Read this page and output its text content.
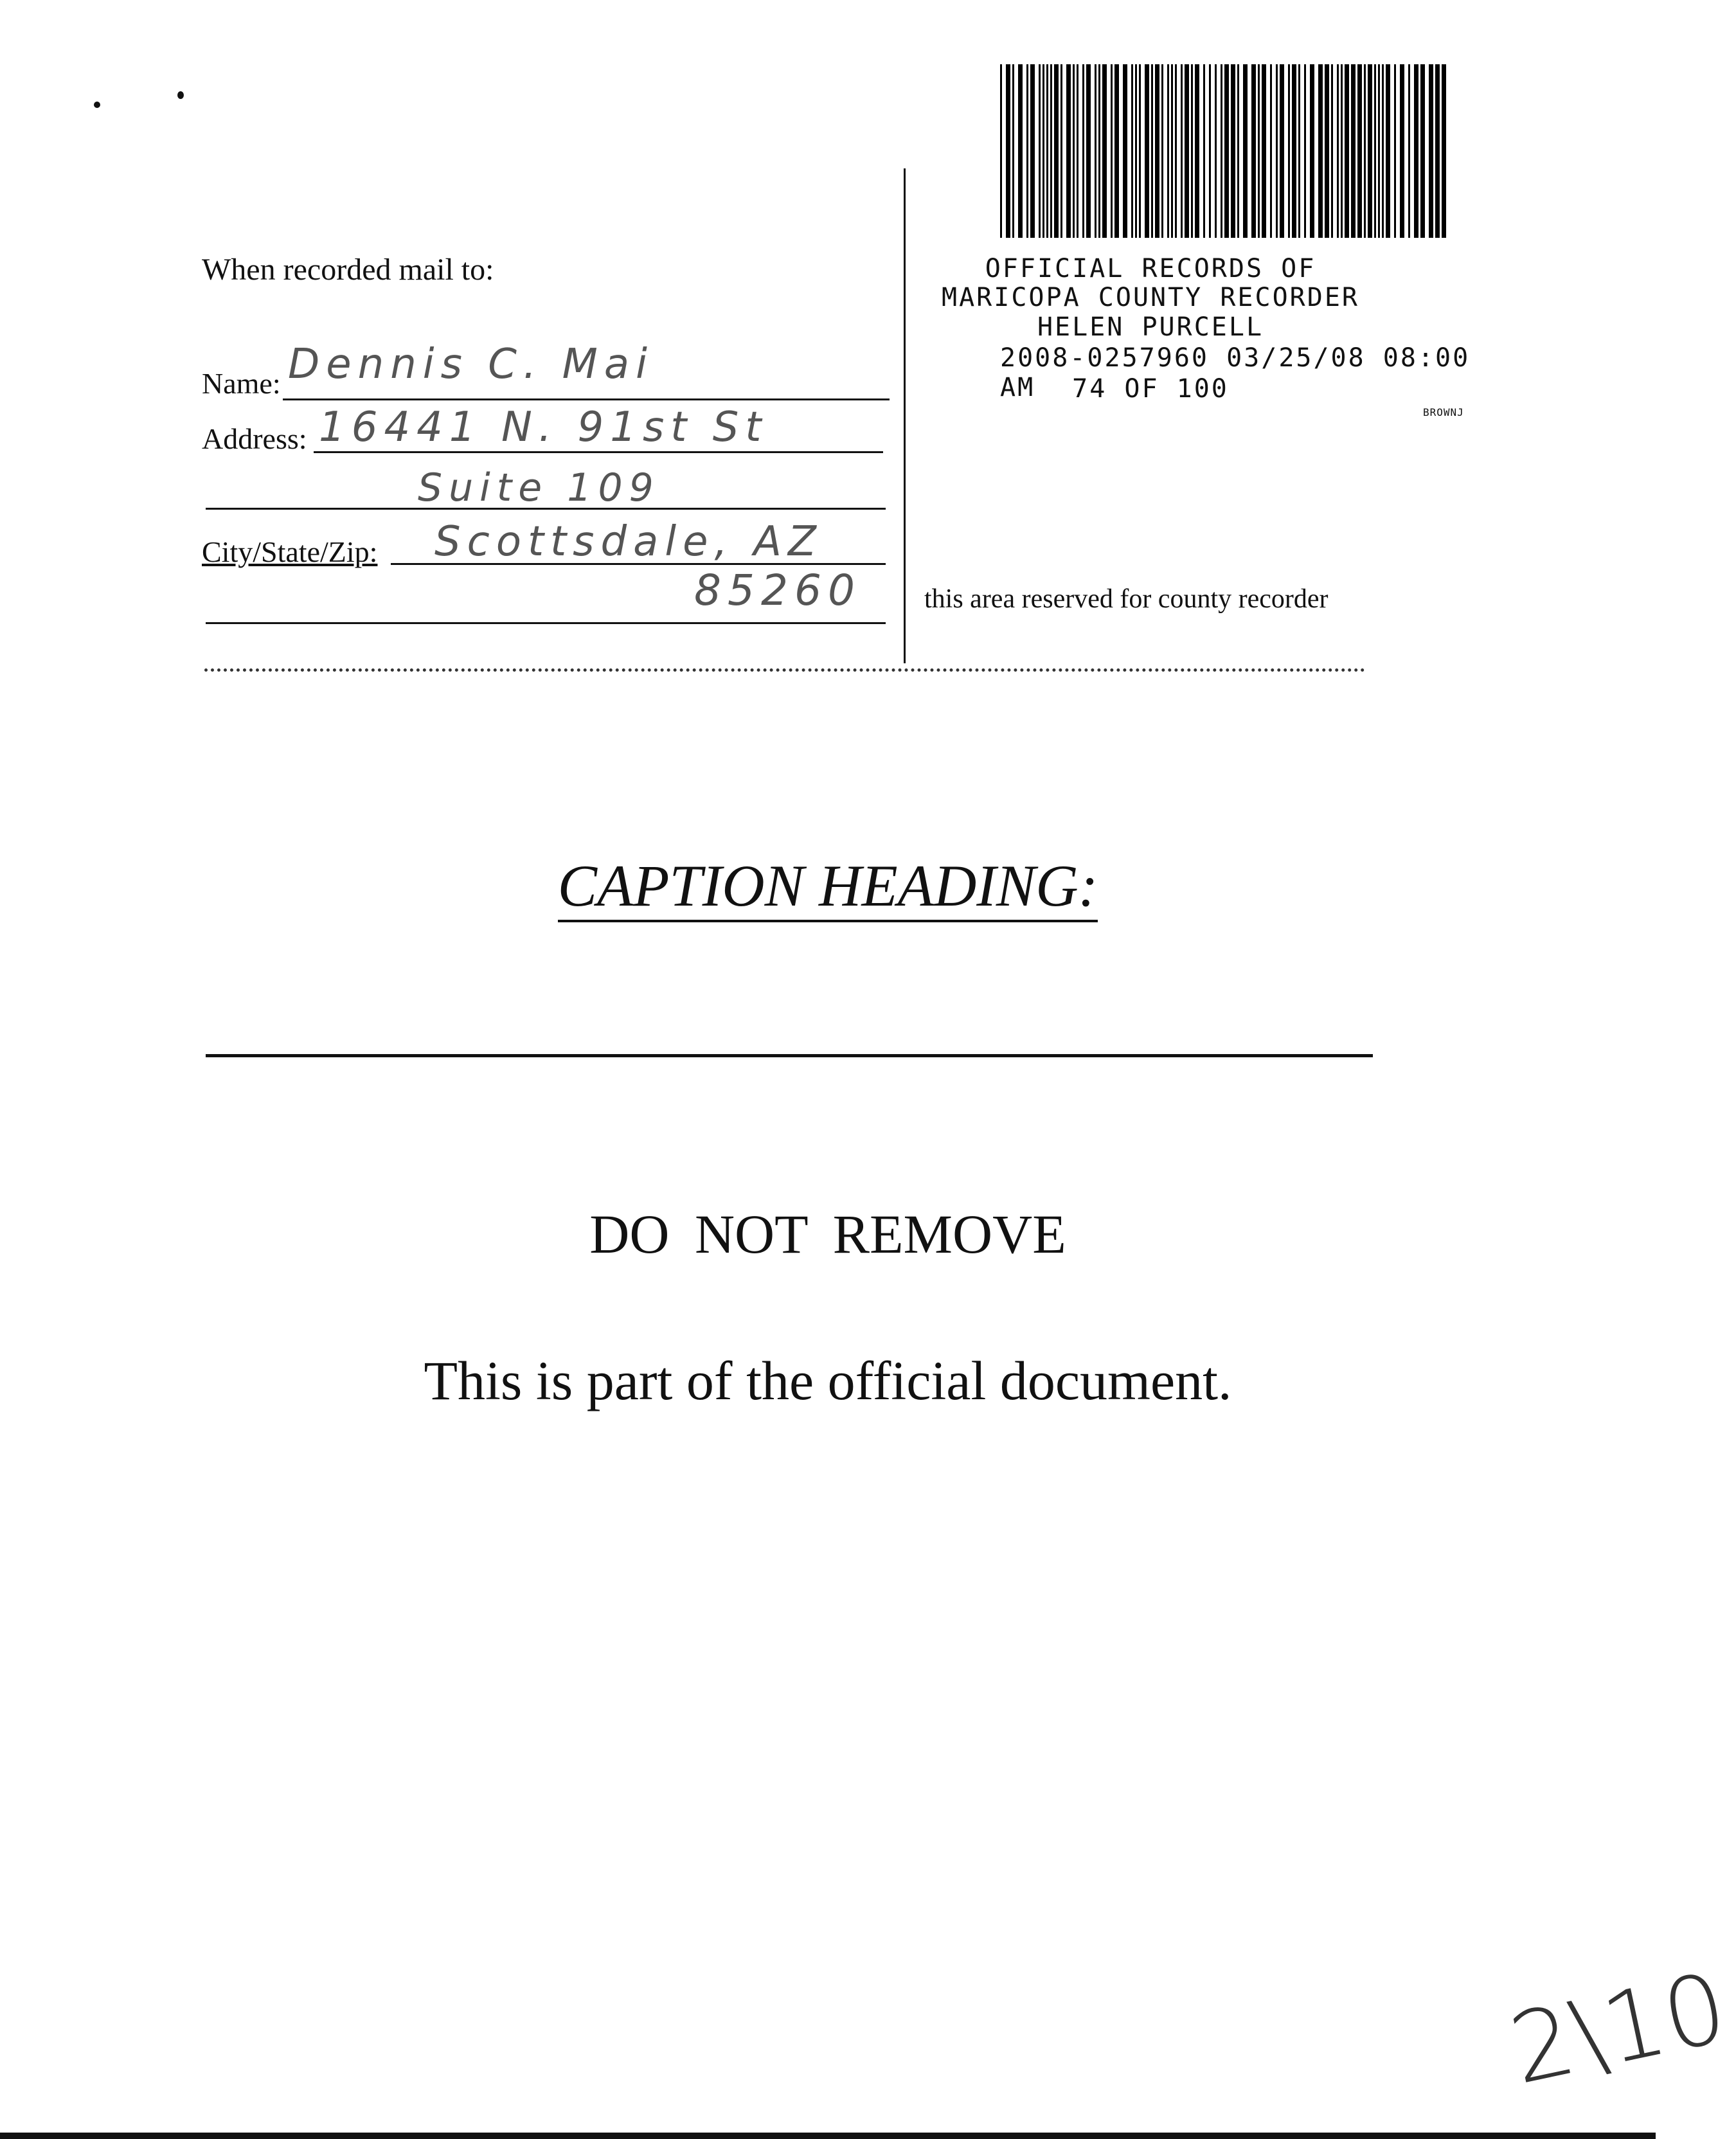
When recorded mail to:
Name: Dennis C. Mai
Address: 16441 N. 91st St
Suite 109
City/State/Zip: Scottsdale, AZ
85260
OFFICIAL RECORDS OF
MARICOPA COUNTY RECORDER
HELEN PURCELL
2008-0257960 03/25/08 08:00 AM	74 OF 100
BROWNJ
this area reserved for county recorder
CAPTION HEADING:
DO NOT REMOVE
This is part of the official document.
2\10
